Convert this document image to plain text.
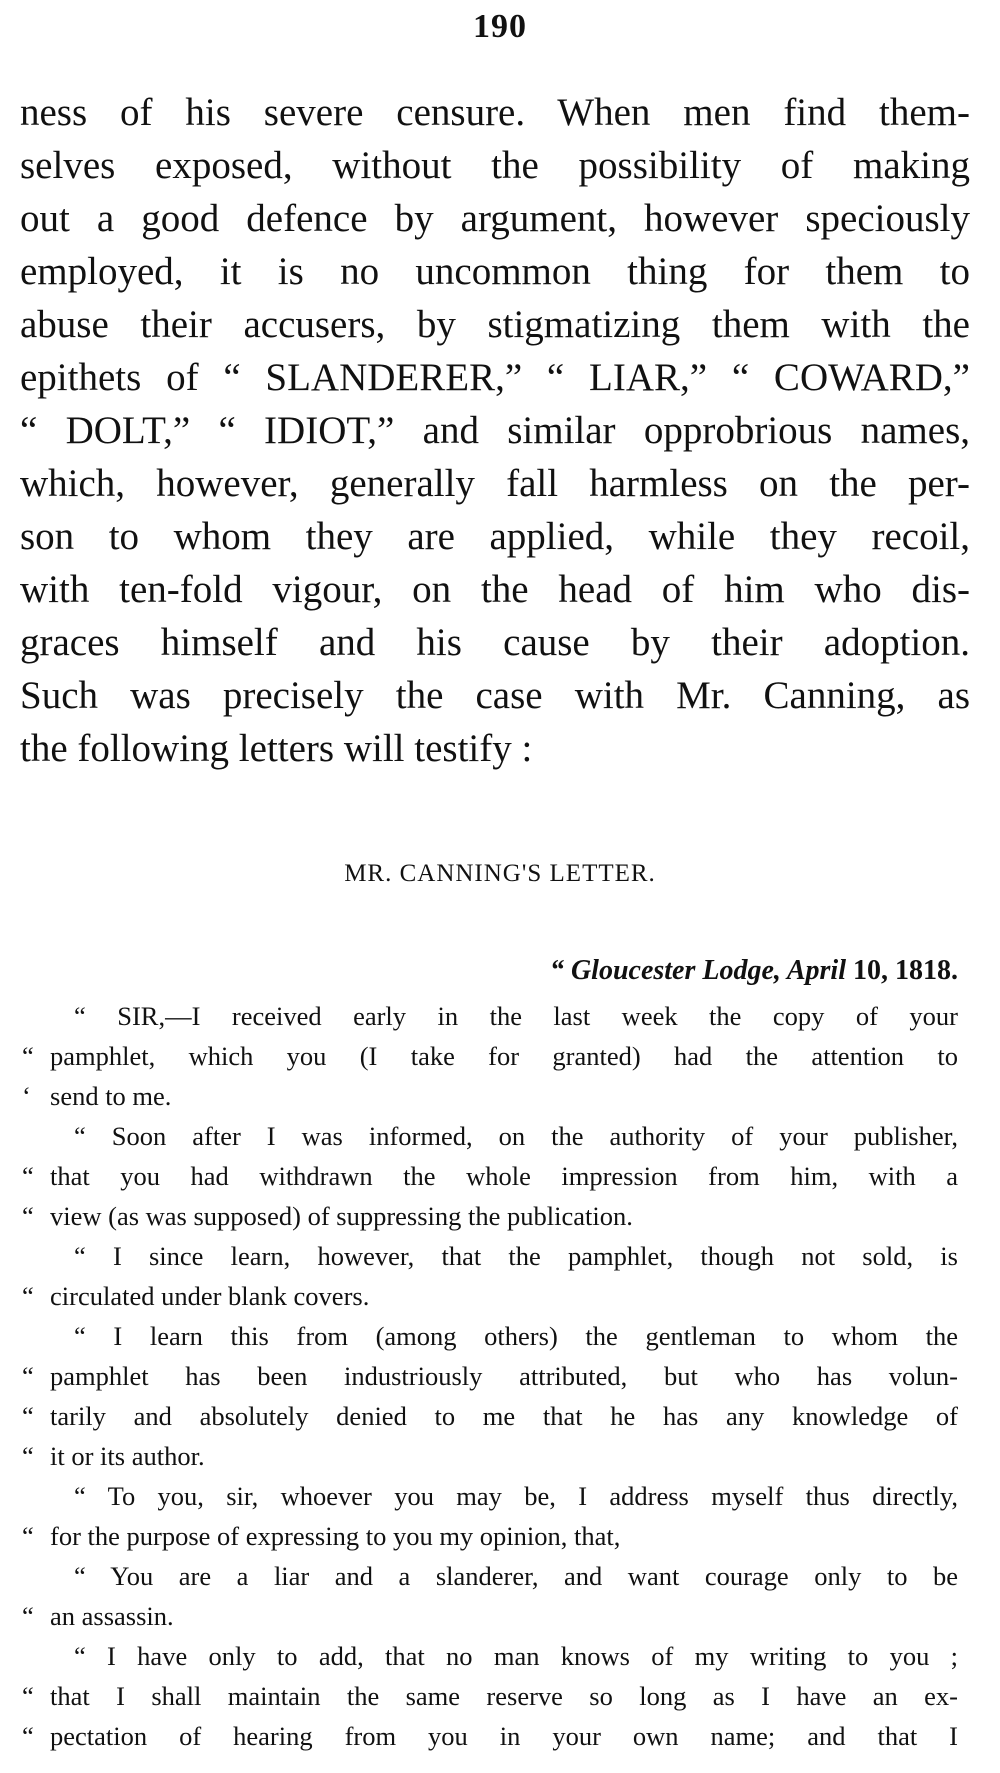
190
ness of his severe censure. When men find them-
selves exposed, without the possibility of making
out a good defence by argument, however speciously
employed, it is no uncommon thing for them to
abuse their accusers, by stigmatizing them with the
epithets of “ SLANDERER,” “ LIAR,” “ COWARD,”
“ DOLT,” “ IDIOT,” and similar opprobrious names,
which, however, generally fall harmless on the per-
son to whom they are applied, while they recoil,
with ten-fold vigour, on the head of him who dis-
graces himself and his cause by their adoption.
Such was precisely the case with Mr. Canning, as
the following letters will testify :
MR. CANNING'S LETTER.
“ Gloucester Lodge, April 10, 1818.
“ SIR,—I received early in the last week the copy of your
“ pamphlet, which you (I take for granted) had the attention to
‘ send to me.
“ Soon after I was informed, on the authority of your publisher,
“ that you had withdrawn the whole impression from him, with a
“ view (as was supposed) of suppressing the publication.
“ I since learn, however, that the pamphlet, though not sold, is
“ circulated under blank covers.
“ I learn this from (among others) the gentleman to whom the
“ pamphlet has been industriously attributed, but who has volun-
“ tarily and absolutely denied to me that he has any knowledge of
“ it or its author.
“ To you, sir, whoever you may be, I address myself thus directly,
“ for the purpose of expressing to you my opinion, that,
“ You are a liar and a slanderer, and want courage only to be
“ an assassin.
“ I have only to add, that no man knows of my writing to you ;
“ that I shall maintain the same reserve so long as I have an ex-
“ pectation of hearing from you in your own name; and that I
